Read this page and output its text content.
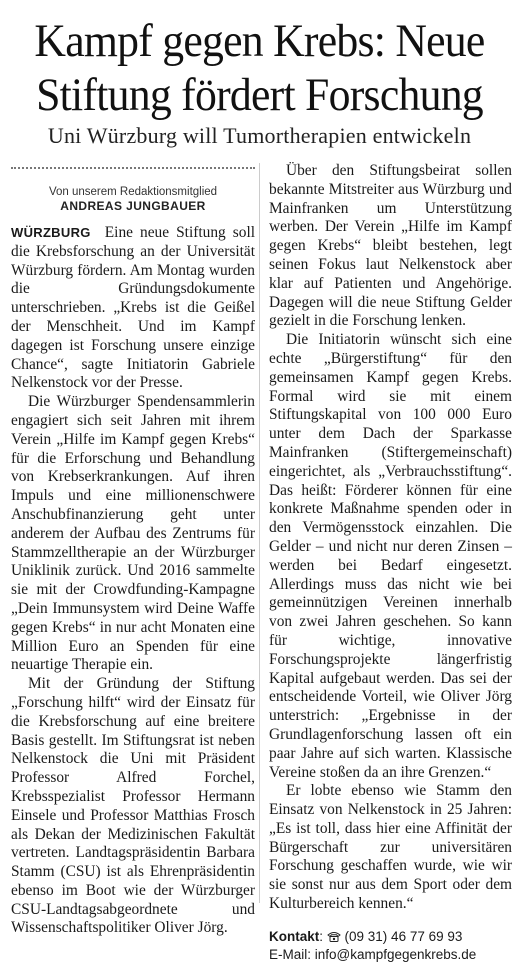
Kampf gegen Krebs: Neue
Stiftung fördert Forschung
Uni Würzburg will Tumortherapien entwickeln
Von unserem Redaktionsmitglied
ANDREAS JUNGBAUER

WÜRZBURG Eine neue Stiftung soll die Krebsforschung an der Universität Würzburg fördern. Am Montag wurden die Gründungsdokumente unterschrieben. „Krebs ist die Geißel der Menschheit. Und im Kampf dagegen ist Forschung unsere einzige Chance“, sagte Initiatorin Gabriele Nelkenstock vor der Presse.

Die Würzburger Spendensammlerin engagiert sich seit Jahren mit ihrem Verein „Hilfe im Kampf gegen Krebs“ für die Erforschung und Behandlung von Krebserkrankungen. Auf ihren Impuls und eine millionenschwere Anschubfinanzierung geht unter anderem der Aufbau des Zentrums für Stammzelltherapie an der Würzburger Uniklinik zurück. Und 2016 sammelte sie mit der Crowdfunding-Kampagne „Dein Immunsystem wird Deine Waffe gegen Krebs“ in nur acht Monaten eine Million Euro an Spenden für eine neuartige Therapie ein.

Mit der Gründung der Stiftung „Forschung hilft“ wird der Einsatz für die Krebsforschung auf eine breitere Basis gestellt. Im Stiftungsrat ist neben Nelkenstock die Uni mit Präsident Professor Alfred Forchel, Krebsspezialist Professor Hermann Einsele und Professor Matthias Frosch als Dekan der Medizinischen Fakultät vertreten. Landtagspräsidentin Barbara Stamm (CSU) ist als Ehrenpräsidentin ebenso im Boot wie der Würzburger CSU-Landtagsabgeordnete und Wissenschaftspolitiker Oliver Jörg.

Über den Stiftungsbeirat sollen bekannte Mitstreiter aus Würzburg und Mainfranken um Unterstützung werben. Der Verein „Hilfe im Kampf gegen Krebs“ bleibt bestehen, legt seinen Fokus laut Nelkenstock aber klar auf Patienten und Angehörige. Dagegen will die neue Stiftung Gelder gezielt in die Forschung lenken.

Die Initiatorin wünscht sich eine echte „Bürgerstiftung“ für den gemeinsamen Kampf gegen Krebs. Formal wird sie mit einem Stiftungskapital von 100 000 Euro unter dem Dach der Sparkasse Mainfranken (Stiftergemeinschaft) eingerichtet, als „Verbrauchsstiftung“. Das heißt: Förderer können für eine konkrete Maßnahme spenden oder in den Vermögensstock einzahlen. Die Gelder – und nicht nur deren Zinsen – werden bei Bedarf eingesetzt. Allerdings muss das nicht wie bei gemeinnützigen Vereinen innerhalb von zwei Jahren geschehen. So kann für wichtige, innovative Forschungsprojekte längerfristig Kapital aufgebaut werden. Das sei der entscheidende Vorteil, wie Oliver Jörg unterstrich: „Ergebnisse in der Grundlagenforschung lassen oft ein paar Jahre auf sich warten. Klassische Vereine stoßen da an ihre Grenzen.“

Er lobte ebenso wie Stamm den Einsatz von Nelkenstock in 25 Jahren: „Es ist toll, dass hier eine Affinität der Bürgerschaft zur universitären Forschung geschaffen wurde, wie wir sie sonst nur aus dem Sport oder dem Kulturbereich kennen.“

Kontakt:  (09 31) 46 77 69 93
E-Mail: info@kampfgegenkrebs.de
